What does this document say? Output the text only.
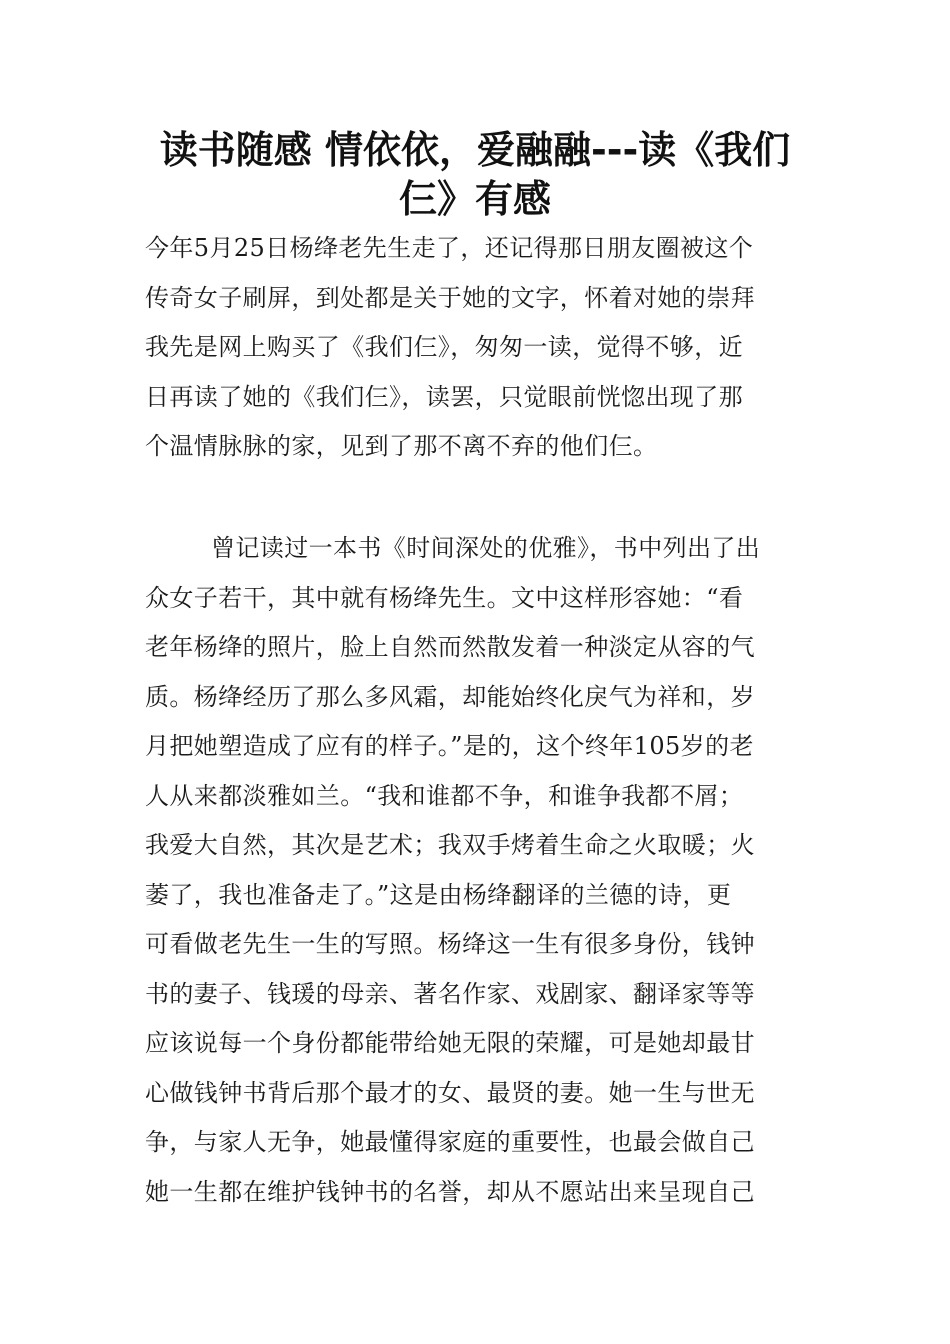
读书随感 情依依，爱融融---读《我们
仨》有感

今年5月25日杨绛老先生走了，还记得那日朋友圈被这个
传奇女子刷屏，到处都是关于她的文字，怀着对她的崇拜
我先是网上购买了《我们仨》，匆匆一读，觉得不够，近
日再读了她的《我们仨》，读罢，只觉眼前恍惚出现了那
个温情脉脉的家，见到了那不离不弃的他们仨。

曾记读过一本书《时间深处的优雅》，书中列出了出
众女子若干，其中就有杨绛先生。文中这样形容她：“看
老年杨绛的照片，脸上自然而然散发着一种淡定从容的气
质。杨绛经历了那么多风霜，却能始终化戾气为祥和，岁
月把她塑造成了应有的样子。”是的，这个终年105岁的老
人从来都淡雅如兰。“我和谁都不争，和谁争我都不屑；
我爱大自然，其次是艺术；我双手烤着生命之火取暖；火
萎了，我也准备走了。”这是由杨绛翻译的兰德的诗，更
可看做老先生一生的写照。杨绛这一生有很多身份，钱钟
书的妻子、钱瑗的母亲、著名作家、戏剧家、翻译家等等
应该说每一个身份都能带给她无限的荣耀，可是她却最甘
心做钱钟书背后那个最才的女、最贤的妻。她一生与世无
争，与家人无争，她最懂得家庭的重要性，也最会做自己
她一生都在维护钱钟书的名誉，却从不愿站出来呈现自己
